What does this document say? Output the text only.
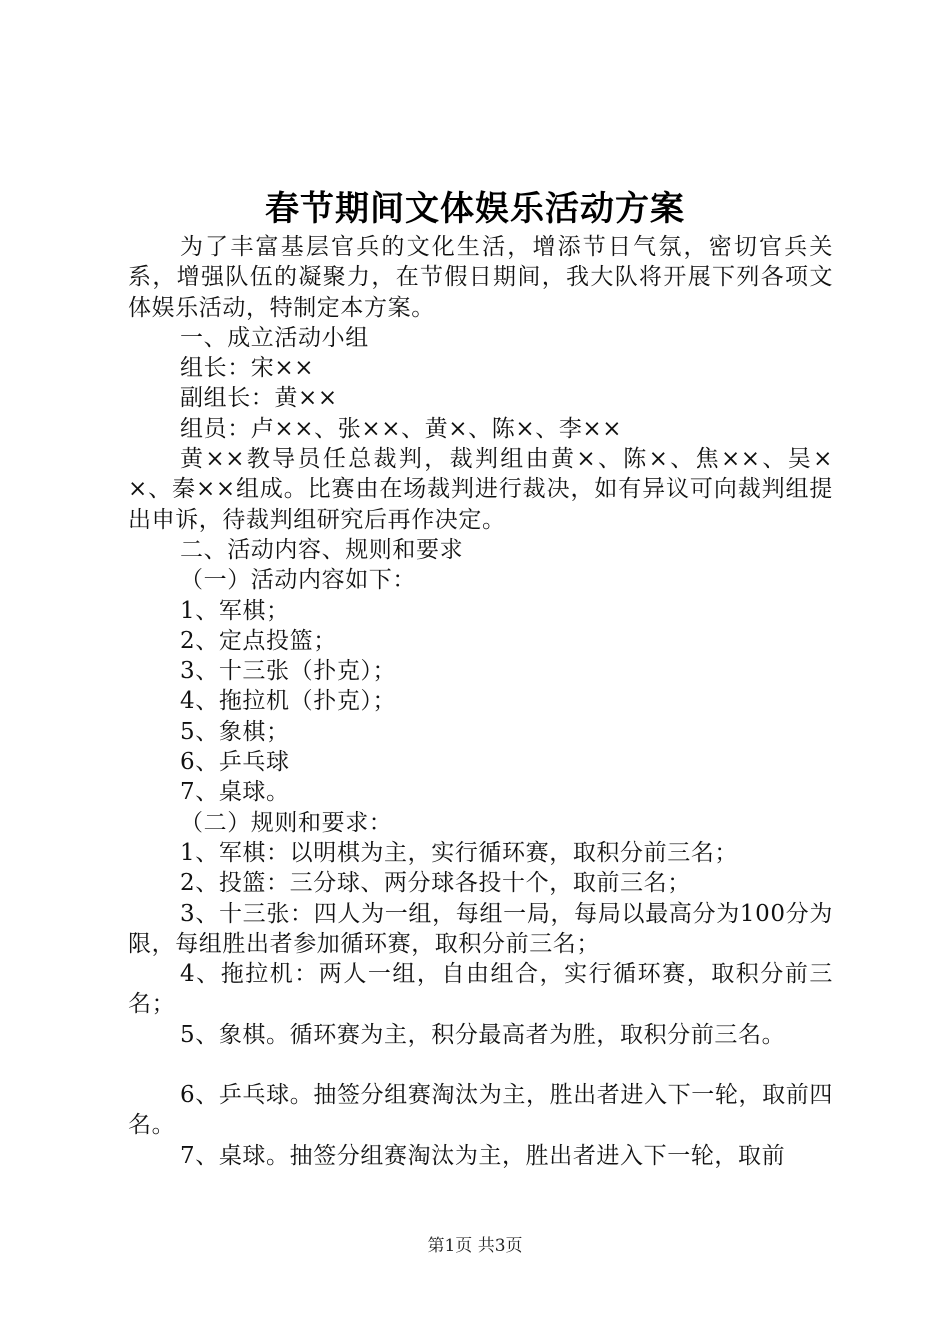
春节期间文体娱乐活动方案

为了丰富基层官兵的文化生活，增添节日气氛，密切官兵关系，增强队伍的凝聚力，在节假日期间，我大队将开展下列各项文体娱乐活动，特制定本方案。

一、成立活动小组

组长：宋××

副组长：黄××

组员：卢××、张××、黄×、陈×、李××

黄××教导员任总裁判，裁判组由黄×、陈×、焦××、吴××、秦××组成。比赛由在场裁判进行裁决，如有异议可向裁判组提出申诉，待裁判组研究后再作决定。

二、活动内容、规则和要求

（一）活动内容如下：

1、军棋；

2、定点投篮；

3、十三张（扑克）；

4、拖拉机（扑克）；

5、象棋；

6、乒乓球

7、桌球。

（二）规则和要求：

1、军棋：以明棋为主，实行循环赛，取积分前三名；

2、投篮：三分球、两分球各投十个，取前三名；

3、十三张：四人为一组，每组一局，每局以最高分为100分为限，每组胜出者参加循环赛，取积分前三名；

4、拖拉机：两人一组，自由组合，实行循环赛，取积分前三名；

5、象棋。循环赛为主，积分最高者为胜，取积分前三名。

6、乒乓球。抽签分组赛淘汰为主，胜出者进入下一轮，取前四名。

7、桌球。抽签分组赛淘汰为主，胜出者进入下一轮，取前

第1页 共3页
